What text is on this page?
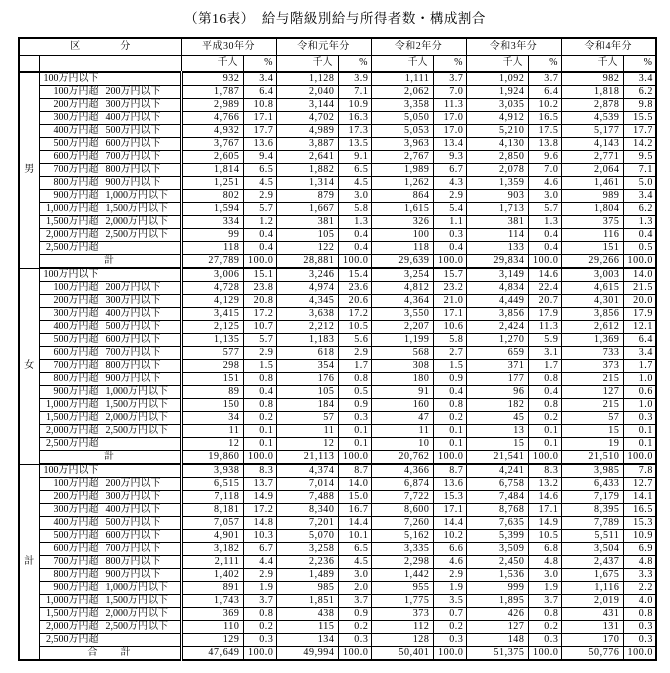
（第16表）　給与階級別給与所得者数・構成割合
区　　　　分		平成30年分		令和元年分		令和2年分		令和3年分		令和4年分	
		千人	%	千人	%	千人	%	千人	%	千人	%
男	100万円以下	932	3.4	1,128	3.9	1,111	3.7	1,092	3.7	982	3.4
	100万円超 200万円以下	1,787	6.4	2,040	7.1	2,062	7.0	1,924	6.4	1,818	6.2
	200万円超 300万円以下	2,989	10.8	3,144	10.9	3,358	11.3	3,035	10.2	2,878	9.8
	300万円超 400万円以下	4,766	17.1	4,702	16.3	5,050	17.0	4,912	16.5	4,539	15.5
	400万円超 500万円以下	4,932	17.7	4,989	17.3	5,053	17.0	5,210	17.5	5,177	17.7
	500万円超 600万円以下	3,767	13.6	3,887	13.5	3,963	13.4	4,130	13.8	4,143	14.2
	600万円超 700万円以下	2,605	9.4	2,641	9.1	2,767	9.3	2,850	9.6	2,771	9.5
	700万円超 800万円以下	1,814	6.5	1,882	6.5	1,989	6.7	2,078	7.0	2,064	7.1
	800万円超 900万円以下	1,251	4.5	1,314	4.5	1,262	4.3	1,359	4.6	1,461	5.0
	900万円超 1,000万円以下	802	2.9	879	3.0	864	2.9	903	3.0	989	3.4
	1,000万円超 1,500万円以下	1,594	5.7	1,667	5.8	1,615	5.4	1,713	5.7	1,804	6.2
	1,500万円超 2,000万円以下	334	1.2	381	1.3	326	1.1	381	1.3	375	1.3
	2,000万円超 2,500万円以下	99	0.4	105	0.4	100	0.3	114	0.4	116	0.4
	2,500万円超	118	0.4	122	0.4	118	0.4	133	0.4	151	0.5
	計	27,789	100.0	28,881	100.0	29,639	100.0	29,834	100.0	29,266	100.0
女	100万円以下	3,006	15.1	3,246	15.4	3,254	15.7	3,149	14.6	3,003	14.0
	100万円超 200万円以下	4,728	23.8	4,974	23.6	4,812	23.2	4,834	22.4	4,615	21.5
	200万円超 300万円以下	4,129	20.8	4,345	20.6	4,364	21.0	4,449	20.7	4,301	20.0
	300万円超 400万円以下	3,415	17.2	3,638	17.2	3,550	17.1	3,856	17.9	3,856	17.9
	400万円超 500万円以下	2,125	10.7	2,212	10.5	2,207	10.6	2,424	11.3	2,612	12.1
	500万円超 600万円以下	1,135	5.7	1,183	5.6	1,199	5.8	1,270	5.9	1,369	6.4
	600万円超 700万円以下	577	2.9	618	2.9	568	2.7	659	3.1	733	3.4
	700万円超 800万円以下	298	1.5	354	1.7	308	1.5	371	1.7	373	1.7
	800万円超 900万円以下	151	0.8	176	0.8	180	0.9	177	0.8	215	1.0
	900万円超 1,000万円以下	89	0.4	105	0.5	91	0.4	96	0.4	127	0.6
	1,000万円超 1,500万円以下	150	0.8	184	0.9	160	0.8	182	0.8	215	1.0
	1,500万円超 2,000万円以下	34	0.2	57	0.3	47	0.2	45	0.2	57	0.3
	2,000万円超 2,500万円以下	11	0.1	11	0.1	11	0.1	13	0.1	15	0.1
	2,500万円超	12	0.1	12	0.1	10	0.1	15	0.1	19	0.1
	計	19,860	100.0	21,113	100.0	20,762	100.0	21,541	100.0	21,510	100.0
計	100万円以下	3,938	8.3	4,374	8.7	4,366	8.7	4,241	8.3	3,985	7.8
	100万円超 200万円以下	6,515	13.7	7,014	14.0	6,874	13.6	6,758	13.2	6,433	12.7
	200万円超 300万円以下	7,118	14.9	7,488	15.0	7,722	15.3	7,484	14.6	7,179	14.1
	300万円超 400万円以下	8,181	17.2	8,340	16.7	8,600	17.1	8,768	17.1	8,395	16.5
	400万円超 500万円以下	7,057	14.8	7,201	14.4	7,260	14.4	7,635	14.9	7,789	15.3
	500万円超 600万円以下	4,901	10.3	5,070	10.1	5,162	10.2	5,399	10.5	5,511	10.9
	600万円超 700万円以下	3,182	6.7	3,258	6.5	3,335	6.6	3,509	6.8	3,504	6.9
	700万円超 800万円以下	2,111	4.4	2,236	4.5	2,298	4.6	2,450	4.8	2,437	4.8
	800万円超 900万円以下	1,402	2.9	1,489	3.0	1,442	2.9	1,536	3.0	1,675	3.3
	900万円超 1,000万円以下	891	1.9	985	2.0	955	1.9	999	1.9	1,116	2.2
	1,000万円超 1,500万円以下	1,743	3.7	1,851	3.7	1,775	3.5	1,895	3.7	2,019	4.0
	1,500万円超 2,000万円以下	369	0.8	438	0.9	373	0.7	426	0.8	431	0.8
	2,000万円超 2,500万円以下	110	0.2	115	0.2	112	0.2	127	0.2	131	0.3
	2,500万円超	129	0.3	134	0.3	128	0.3	148	0.3	170	0.3
	合　　計	47,649	100.0	49,994	100.0	50,401	100.0	51,375	100.0	50,776	100.0
